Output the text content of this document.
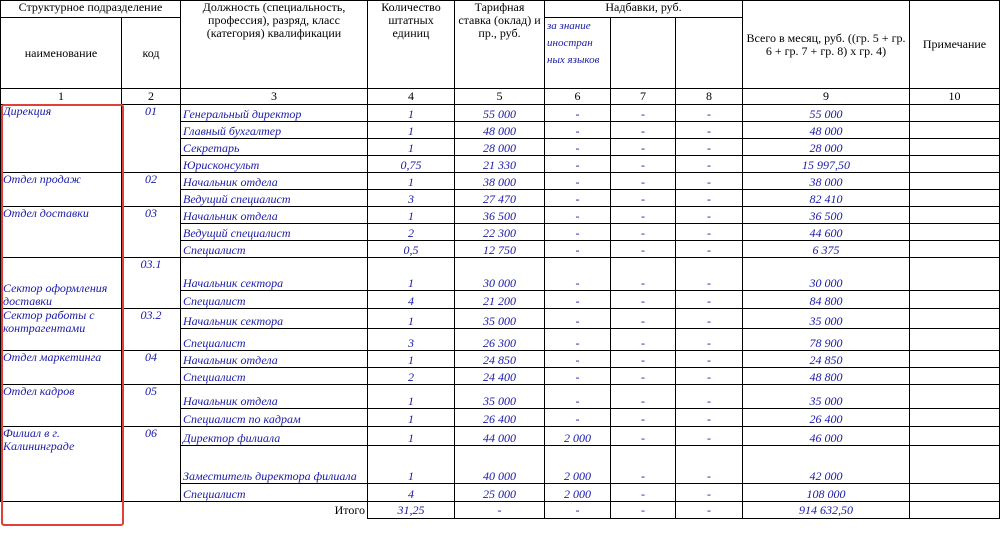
Структурное подразделение		Должность (специальность, профессия), разряд, класс (категория) квалификации	Количество штатных единиц	Тарифная ставка (оклад) и пр., руб.	Надбавки, руб.			Всего в месяц, руб. ((гр. 5 + гр. 6 + гр. 7 + гр. 8) х гр. 4)	Примечание
наименование	код				за знание иностран ных языков				
1	2	3	4	5	6	7	8	9	10
Дирекция	01	Генеральный директор	1	55 000	-	-	-	55 000	
		Главный бухгалтер	1	48 000	-	-	-	48 000	
		Секретарь	1	28 000	-	-	-	28 000	
		Юрисконсульт	0,75	21 330	-	-	-	15 997,50	
Отдел продаж	02	Начальник отдела	1	38 000	-	-	-	38 000	
		Ведущий специалист	3	27 470	-	-	-	82 410	
Отдел доставки	03	Начальник отдела	1	36 500	-	-	-	36 500	
		Ведущий специалист	2	22 300	-	-	-	44 600	
		Специалист	0,5	12 750	-	-	-	6 375	
Сектор оформления доставки	03.1	Начальник сектора	1	30 000	-	-	-	30 000	
		Специалист	4	21 200	-	-	-	84 800	
Сектор работы с контрагентами	03.2	Начальник сектора	1	35 000	-	-	-	35 000	
		Специалист	3	26 300	-	-	-	78 900	
Отдел маркетинга	04	Начальник отдела	1	24 850	-	-	-	24 850	
		Специалист	2	24 400	-	-	-	48 800	
Отдел кадров	05	Начальник отдела	1	35 000	-	-	-	35 000	
		Специалист по кадрам	1	26 400	-	-	-	26 400	
Филиал в г. Калининграде	06	Директор филиала	1	44 000	2 000	-	-	46 000	
		Заместитель директора филиала	1	40 000	2 000	-	-	42 000	
		Специалист	4	25 000	2 000	-	-	108 000	
Итого			31,25	-	-	-	-	914 632,50	
